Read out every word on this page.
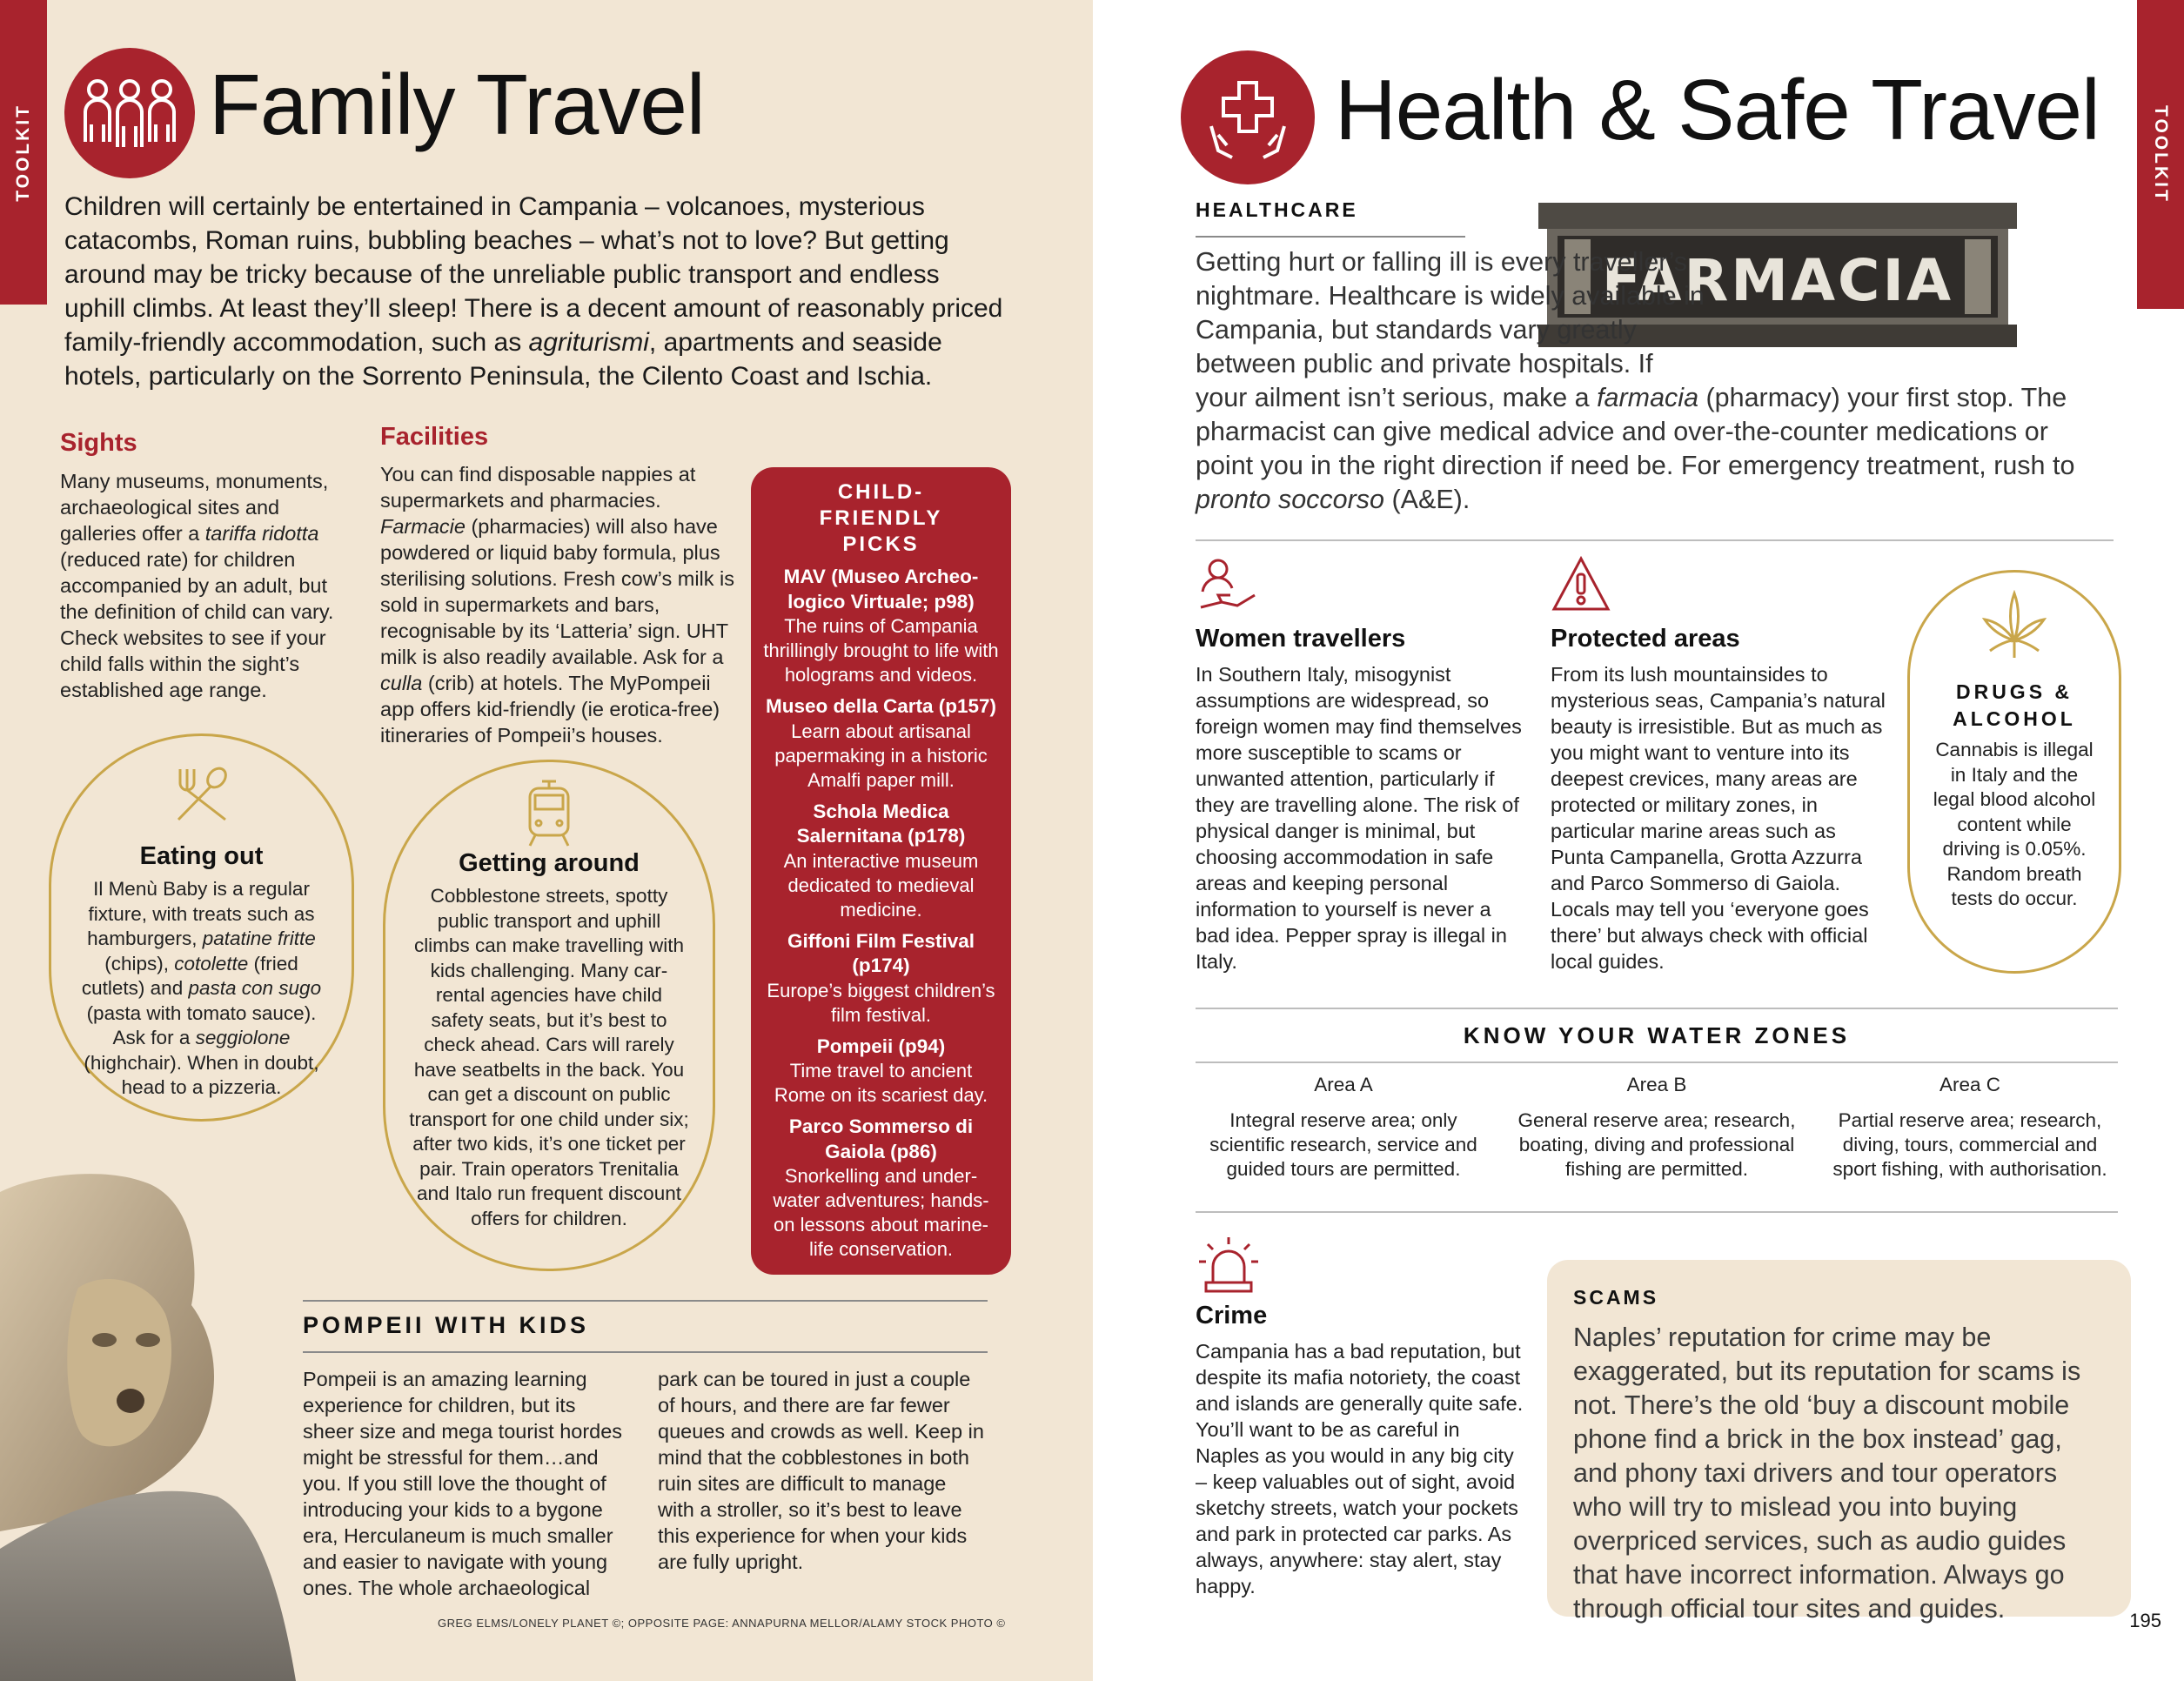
TOOLKIT Family Travel
Children will certainly be entertained in Campania – volcanoes, mysterious catacombs, Roman ruins, bubbling beaches – what’s not to love? But getting around may be tricky because of the unreliable public transport and endless uphill climbs. At least they’ll sleep! There is a decent amount of reasonably priced family-friendly accommodation, such as agriturismi, apartments and seaside hotels, particularly on the Sorrento Peninsula, the Cilento Coast and Ischia.
Sights
Many museums, monuments, archaeological sites and galleries offer a tariffa ridotta (reduced rate) for children accompanied by an adult, but the definition of child can vary. Check websites to see if your child falls within the sight’s established age range.
Facilities
You can find disposable nappies at supermarkets and pharmacies. Farmacie (pharmacies) will also have powdered or liquid baby formula, plus sterilising solutions. Fresh cow’s milk is sold in supermarkets and bars, recognisable by its ‘Latteria’ sign. UHT milk is also readily available. Ask for a culla (crib) at hotels. The MyPompeii app offers kid-friendly (ie erotica-free) itineraries of Pompeii’s houses.
Eating out
Il Menù Baby is a regular fixture, with treats such as hamburgers, patatine fritte (chips), cotolette (fried cutlets) and pasta con sugo (pasta with tomato sauce). Ask for a seggiolone (highchair). When in doubt, head to a pizzeria.
Getting around
Cobblestone streets, spotty public transport and uphill climbs can make travelling with kids challenging. Many car-rental agencies have child safety seats, but it’s best to check ahead. Cars will rarely have seatbelts in the back. You can get a discount on public transport for one child under six; after two kids, it’s one ticket per pair. Train operators Trenitalia and Italo run frequent discount offers for children.
CHILD-FRIENDLY PICKS
MAV (Museo Archeo-logico Virtuale; p98)
The ruins of Campania thrillingly brought to life with holograms and videos.
Museo della Carta (p157)
Learn about artisanal papermaking in a historic Amalfi paper mill.
Schola Medica Salernitana (p178)
An interactive museum dedicated to medieval medicine.
Giffoni Film Festival (p174)
Europe’s biggest children’s film festival.
Pompeii (p94)
Time travel to ancient Rome on its scariest day.
Parco Sommerso di Gaiola (p86)
Snorkelling and under-water adventures; hands-on lessons about marine-life conservation.
POMPEII WITH KIDS
Pompeii is an amazing learning experience for children, but its sheer size and mega tourist hordes might be stressful for them…and you. If you still love the thought of introducing your kids to a bygone era, Herculaneum is much smaller and easier to navigate with young ones. The whole archaeological
park can be toured in just a couple of hours, and there are far fewer queues and crowds as well. Keep in mind that the cobblestones in both ruin sites are difficult to manage with a stroller, so it’s best to leave this experience for when your kids are fully upright.
GREG ELMS/LONELY PLANET ©; OPPOSITE PAGE: ANNAPURNA MELLOR/ALAMY STOCK PHOTO ©
TOOLKIT
Health & Safe Travel
HEALTHCARE
FARMACIA
Getting hurt or falling ill is every traveller’s nightmare. Healthcare is widely available in Campania, but standards vary greatly between public and private hospitals. If your ailment isn’t serious, make a farmacia (pharmacy) your first stop. The pharmacist can give medical advice and over-the-counter medications or point you in the right direction if need be. For emergency treatment, rush to pronto soccorso (A&E).
Women travellers
In Southern Italy, misogynist assumptions are widespread, so foreign women may find themselves more susceptible to scams or unwanted attention, particularly if they are travelling alone. The risk of physical danger is minimal, but choosing accommodation in safe areas and keeping personal information to yourself is never a bad idea. Pepper spray is illegal in Italy.
Protected areas
From its lush mountainsides to mysterious seas, Campania’s natural beauty is irresistible. But as much as you might want to venture into its deepest crevices, many areas are protected or military zones, in particular marine areas such as Punta Campanella, Grotta Azzurra and Parco Sommerso di Gaiola. Locals may tell you ‘everyone goes there’ but always check with official local guides.
DRUGS & ALCOHOL
Cannabis is illegal in Italy and the legal blood alcohol content while driving is 0.05%. Random breath tests do occur.
KNOW YOUR WATER ZONES
Area A
Integral reserve area; only scientific research, service and guided tours are permitted.
Area B
General reserve area; research, boating, diving and professional fishing are permitted.
Area C
Partial reserve area; research, diving, tours, commercial and sport fishing, with authorisation.
Crime
Campania has a bad reputation, but despite its mafia notoriety, the coast and islands are generally quite safe. You’ll want to be as careful in Naples as you would in any big city – keep valuables out of sight, avoid sketchy streets, watch your pockets and park in protected car parks. As always, anywhere: stay alert, stay happy.
SCAMS
Naples’ reputation for crime may be exaggerated, but its reputation for scams is not. There’s the old ‘buy a discount mobile phone find a brick in the box instead’ gag, and phony taxi drivers and tour operators who will try to mislead you into buying overpriced services, such as audio guides that have incorrect information. Always go through official tour sites and guides.	195
